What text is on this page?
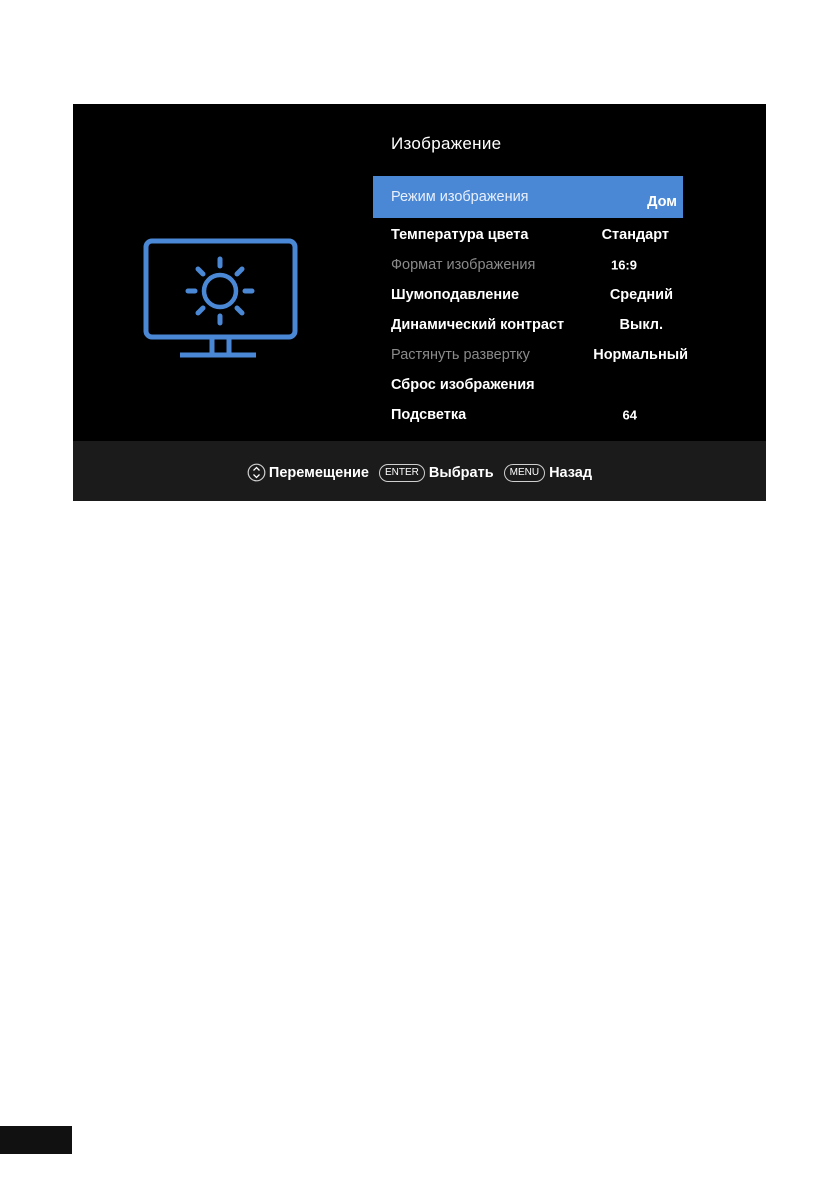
Изображение
Режим изображения	Дом
Температура цвета	Стандарт
Формат изображения	16:9
Шумоподавление	Средний
Динамический контраст	Выкл.
Растянуть развертку	Нормальный
Сброс изображения
Подсветка	64
Перемещение	ENTER Выбрать	MENU Назад
